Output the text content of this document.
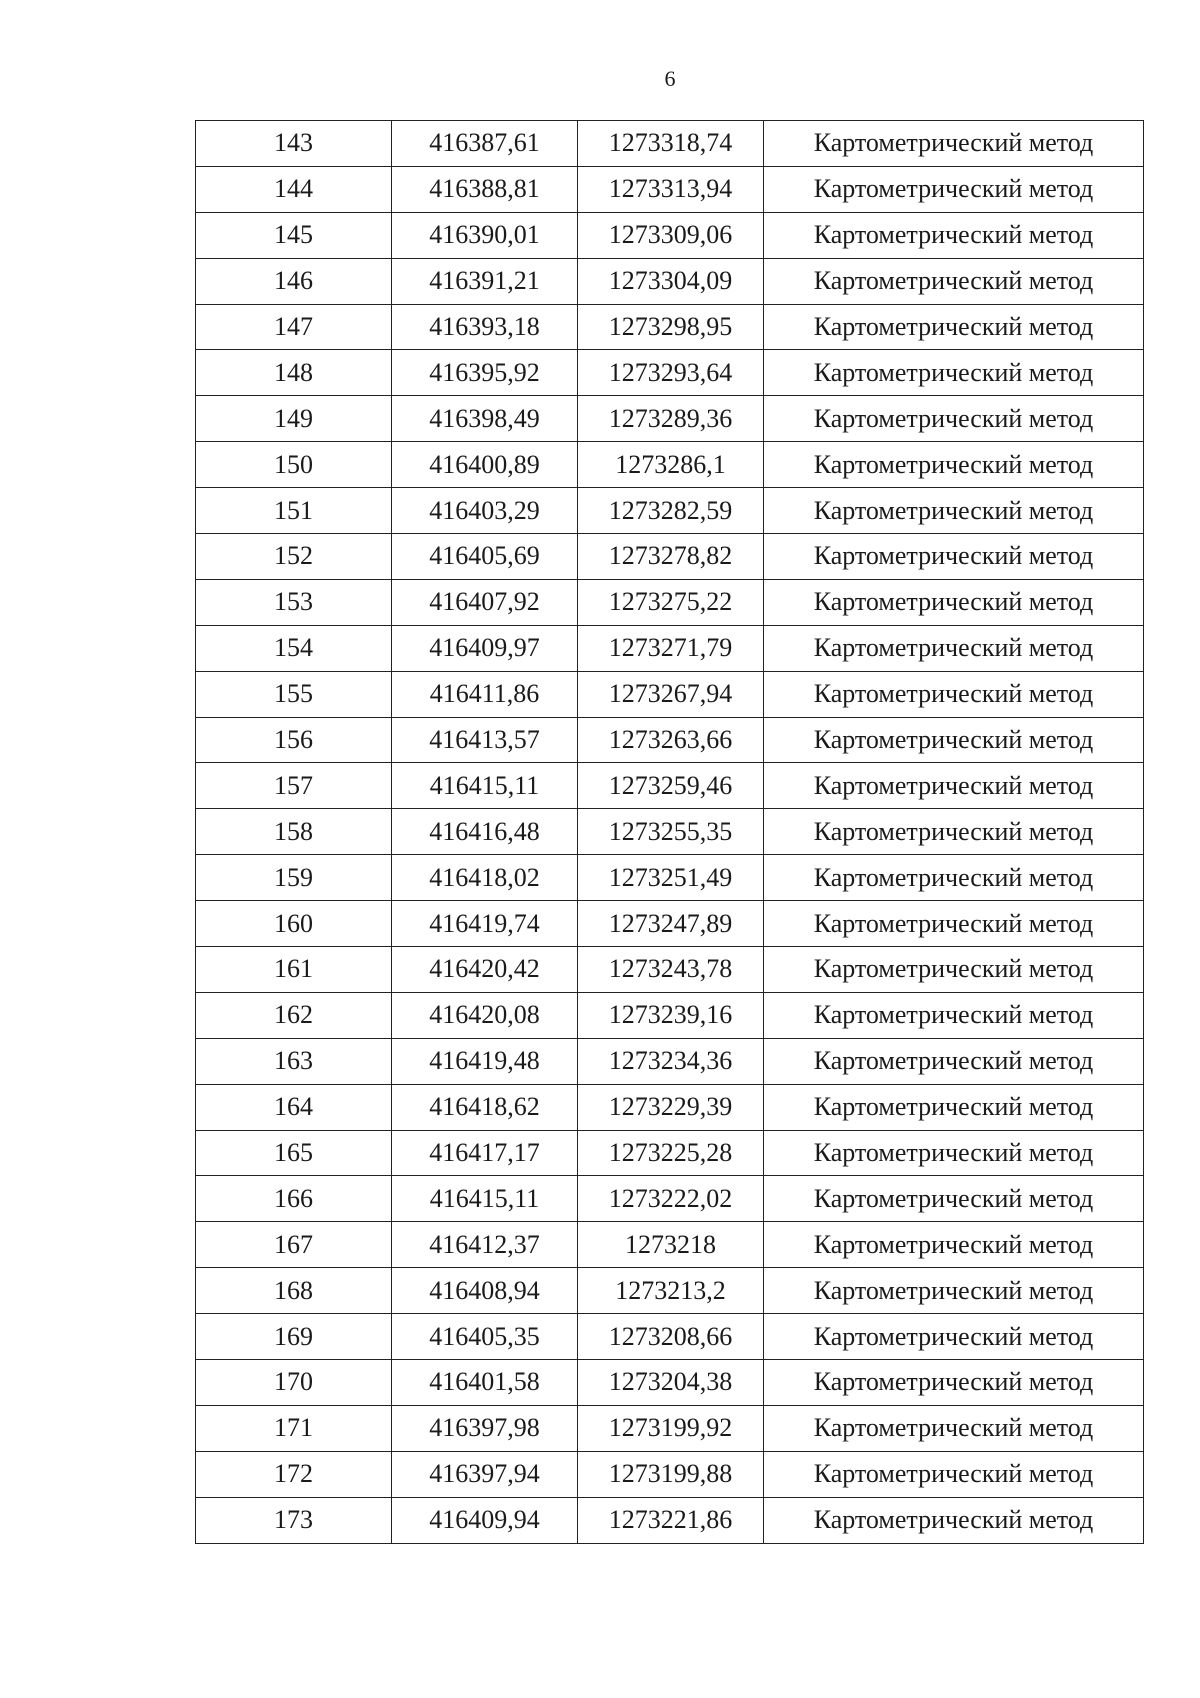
6
143	416387,61	1273318,74	Картометрический метод
144	416388,81	1273313,94	Картометрический метод
145	416390,01	1273309,06	Картометрический метод
146	416391,21	1273304,09	Картометрический метод
147	416393,18	1273298,95	Картометрический метод
148	416395,92	1273293,64	Картометрический метод
149	416398,49	1273289,36	Картометрический метод
150	416400,89	1273286,1	Картометрический метод
151	416403,29	1273282,59	Картометрический метод
152	416405,69	1273278,82	Картометрический метод
153	416407,92	1273275,22	Картометрический метод
154	416409,97	1273271,79	Картометрический метод
155	416411,86	1273267,94	Картометрический метод
156	416413,57	1273263,66	Картометрический метод
157	416415,11	1273259,46	Картометрический метод
158	416416,48	1273255,35	Картометрический метод
159	416418,02	1273251,49	Картометрический метод
160	416419,74	1273247,89	Картометрический метод
161	416420,42	1273243,78	Картометрический метод
162	416420,08	1273239,16	Картометрический метод
163	416419,48	1273234,36	Картометрический метод
164	416418,62	1273229,39	Картометрический метод
165	416417,17	1273225,28	Картометрический метод
166	416415,11	1273222,02	Картометрический метод
167	416412,37	1273218	Картометрический метод
168	416408,94	1273213,2	Картометрический метод
169	416405,35	1273208,66	Картометрический метод
170	416401,58	1273204,38	Картометрический метод
171	416397,98	1273199,92	Картометрический метод
172	416397,94	1273199,88	Картометрический метод
173	416409,94	1273221,86	Картометрический метод
